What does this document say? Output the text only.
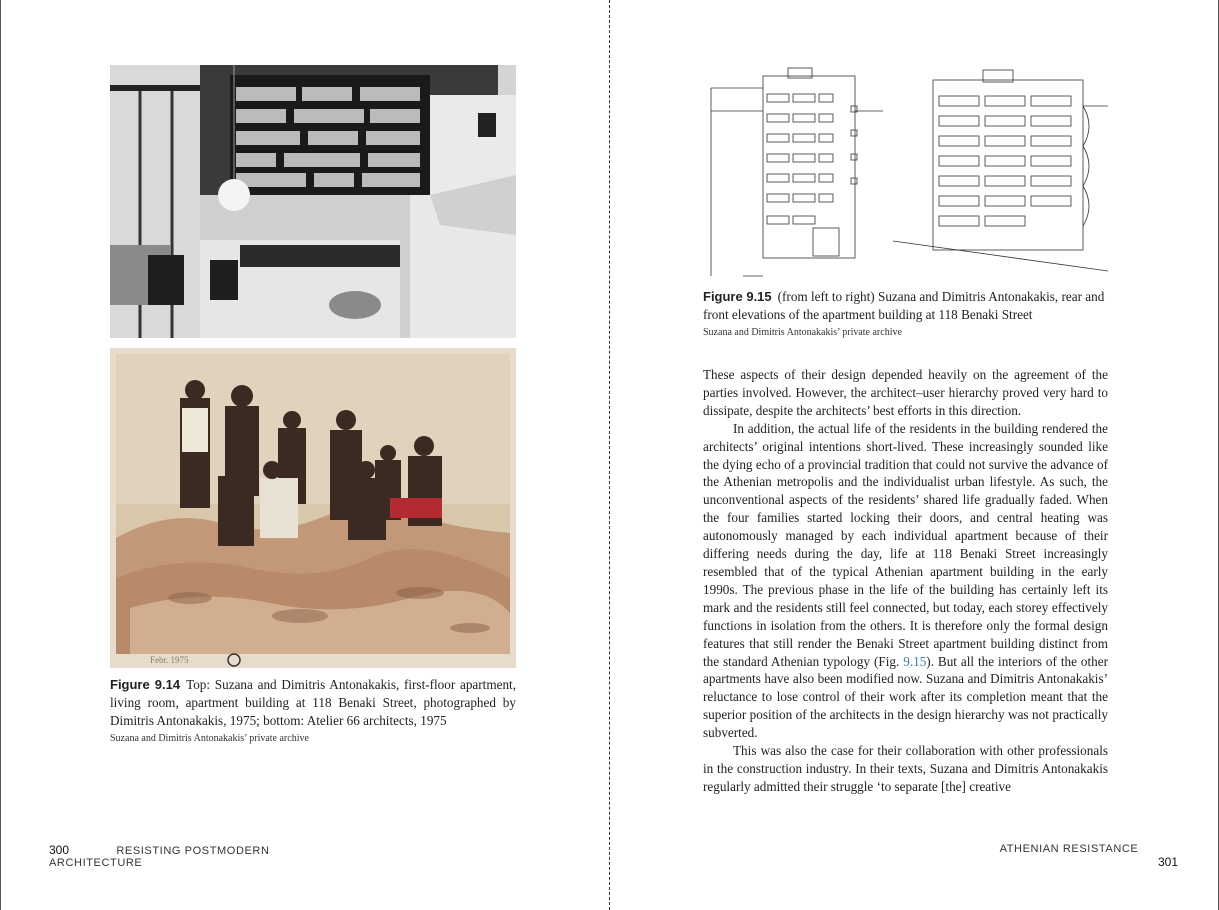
Febr. 1975
Figure 9.14 Top: Suzana and Dimitris Antonakakis, first-floor apartment, living room, apartment building at 118 Benaki Street, photographed by Dimitris Antonakakis, 1975; bottom: Atelier 66 architects, 1975
Suzana and Dimitris Antonakakis’ private archive
300	RESISTING POSTMODERN ARCHITECTURE
Figure 9.15 (from left to right) Suzana and Dimitris Antonakakis, rear and front elevations of the apartment building at 118 Benaki Street
Suzana and Dimitris Antonakakis’ private archive

These aspects of their design depended heavily on the agreement of the parties involved. However, the architect–user hierarchy proved very hard to dissipate, despite the architects’ best efforts in this direction.

In addition, the actual life of the residents in the building rendered the architects’ original intentions short-lived. These increasingly sounded like the dying echo of a provincial tradition that could not survive the advance of the Athenian metropolis and the individualist urban lifestyle. As such, the unconventional aspects of the residents’ shared life gradually faded. When the four families started locking their doors, and central heating was autonomously managed by each individual apartment because of their differing needs during the day, life at 118 Benaki Street increasingly resembled that of the typical Athenian apartment building in the early 1990s. The previous phase in the life of the building has certainly left its mark and the residents still feel connected, but today, each storey effectively functions in isolation from the others. It is therefore only the formal design features that still render the Benaki Street apartment building distinct from the standard Athenian typology (Fig. 9.15). But all the interiors of the other apartments have also been modified now. Suzana and Dimitris Antonakakis’ reluctance to lose control of their work after its completion meant that the superior position of the architects in the design hierarchy was not practically subverted.

This was also the case for their collaboration with other professionals in the construction industry. In their texts, Suzana and Dimitris Antonakakis regularly admitted their struggle ‘to separate [the] creative

ATHENIAN RESISTANCE  301
